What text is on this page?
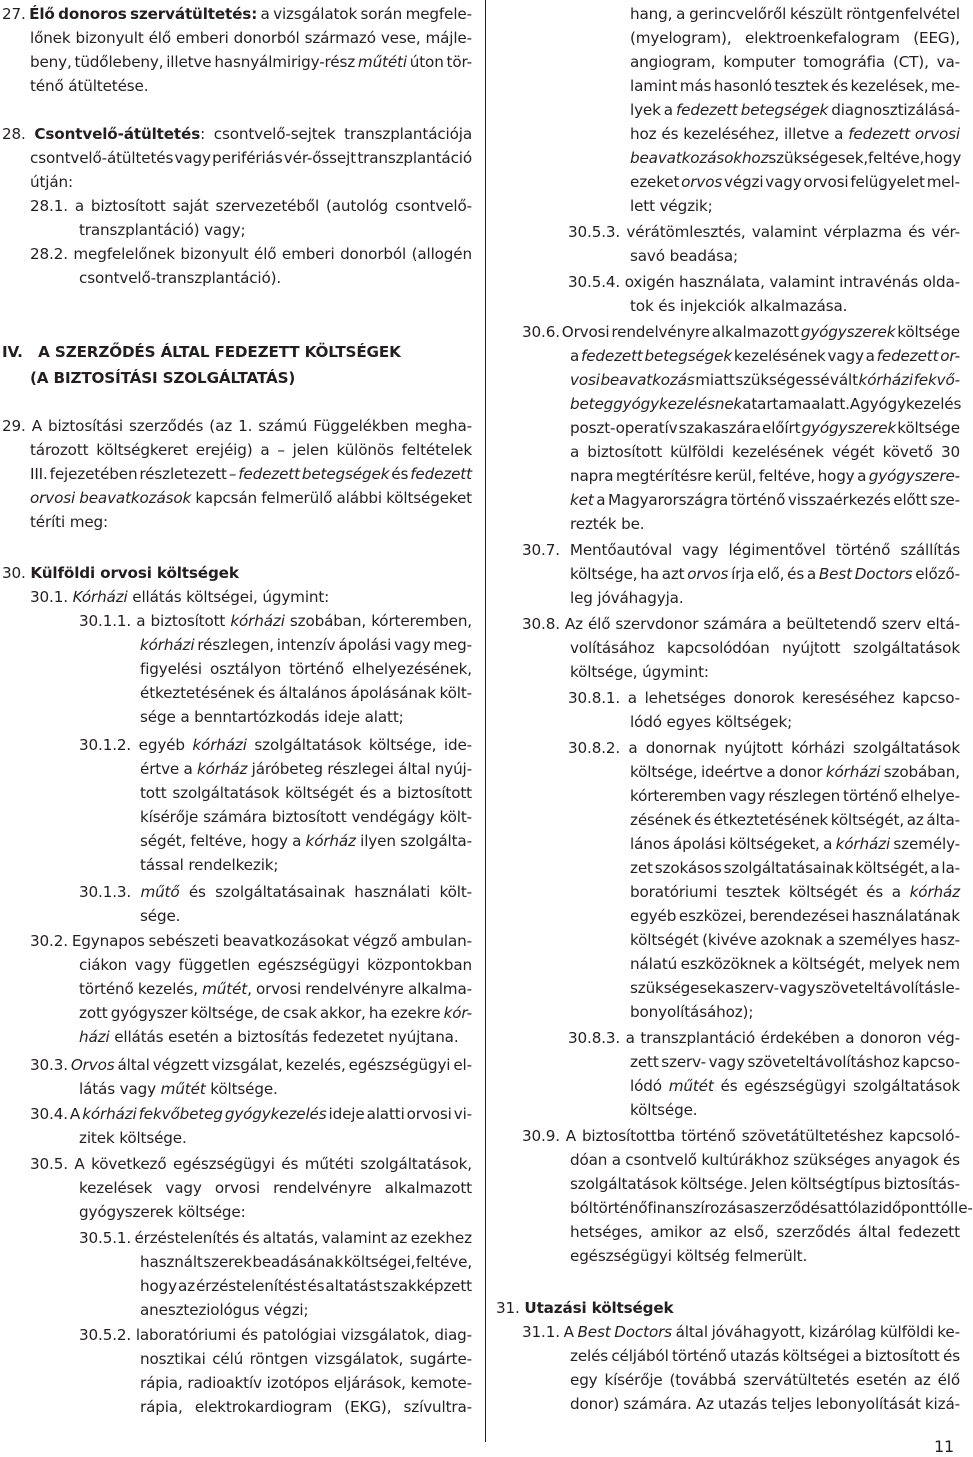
27. Élő donoros szervátültetés: a vizsgálatok során megfele-
lőnek bizonyult élő emberi donorból származó vese, májle-
beny, tüdőlebeny, illetve hasnyálmirigy-rész műtéti úton tör-
ténő átültetése.
28. Csontvelő-átültetés: csontvelő-sejtek transzplantációja
csontvelő-átültetés vagy perifériás vér-őssejt transzplantáció
útján:
28.1. a biztosított saját szervezetéből (autológ csontvelő-
transzplantáció) vagy;
28.2. megfelelőnek bizonyult élő emberi donorból (allogén
csontvelő-transzplantáció).
IV.   A SZERZŐDÉS ÁLTAL FEDEZETT KÖLTSÉGEK
(A BIZTOSÍTÁSI SZOLGÁLTATÁS)
29. A biztosítási szerződés (az 1. számú Függelékben megha-
tározott költségkeret erejéig) a – jelen különös feltételek
III. fejezetében részletezett – fedezett betegségek és fedezett
orvosi beavatkozások kapcsán felmerülő alábbi költségeket
téríti meg:
30. Külföldi orvosi költségek
30.1. Kórházi ellátás költségei, úgymint:
30.1.1. a biztosított kórházi szobában, kórteremben,
kórházi részlegen, intenzív ápolási vagy meg-
figyelési osztályon történő elhelyezésének,
étkeztetésének és általános ápolásának költ-
sége a benntartózkodás ideje alatt;
30.1.2. egyéb kórházi szolgáltatások költsége, ide-
értve a kórház járóbeteg részlegei által nyúj-
tott szolgáltatások költségét és a biztosított
kísérője számára biztosított vendégágy költ-
ségét, feltéve, hogy a kórház ilyen szolgálta-
tással rendelkezik;
30.1.3. műtő és szolgáltatásainak használati költ-
sége.
30.2. Egynapos sebészeti beavatkozásokat végző ambulan-
ciákon vagy független egészségügyi központokban
történő kezelés, műtét, orvosi rendelvényre alkalma-
zott gyógyszer költsége, de csak akkor, ha ezekre kór-
házi ellátás esetén a biztosítás fedezetet nyújtana.
30.3. Orvos által végzett vizsgálat, kezelés, egészségügyi el-
látás vagy műtét költsége.
30.4. A kórházi fekvőbeteg gyógykezelés ideje alatti orvosi vi-
zitek költsége.
30.5. A következő egészségügyi és műtéti szolgáltatások,
kezelések vagy orvosi rendelvényre alkalmazott
gyógyszerek költsége:
30.5.1. érzéstelenítés és altatás, valamint az ezekhez
használt szerek beadásának költségei, feltéve,
hogy az érzéstelenítést és altatást szakképzett
aneszteziológus végzi;
30.5.2. laboratóriumi és patológiai vizsgálatok, diag-
nosztikai célú röntgen vizsgálatok, sugárte-
rápia, radioaktív izotópos eljárások, kemote-
rápia, elektrokardiogram (EKG), szívultra-
hang, a gerincvelőről készült röntgenfelvétel
(myelogram), elektroenkefalogram (EEG),
angiogram, komputer tomográfia (CT), va-
lamint más hasonló tesztek és kezelések, me-
lyek a fedezett betegségek diagnosztizálásá-
hoz és kezeléséhez, illetve a fedezett orvosi
beavatkozásokhoz szükségesek, feltéve, hogy
ezeket orvos végzi vagy orvosi felügyelet mel-
lett végzik;
30.5.3. vérátömlesztés, valamint vérplazma és vér-
savó beadása;
30.5.4. oxigén használata, valamint intravénás olda-
tok és injekciók alkalmazása.
30.6. Orvosi rendelvényre alkalmazott gyógyszerek költsége
a fedezett betegségek kezelésének vagy a fedezett or-
vosi beavatkozás miatt szükségessé vált kórházi fekvő-
beteg gyógykezelésnek a tartama alatt. A gyógykezelés
poszt-operatív szakaszára előírt gyógyszerek költsége
a biztosított külföldi kezelésének végét követő 30
napra megtérítésre kerül, feltéve, hogy a gyógyszere-
ket a Magyarországra történő visszaérkezés előtt sze-
rezték be.
30.7. Mentőautóval vagy légimentővel történő szállítás
költsége, ha azt orvos írja elő, és a Best Doctors előző-
leg jóváhagyja.
30.8. Az élő szervdonor számára a beültetendő szerv eltá-
volításához kapcsolódóan nyújtott szolgáltatások
költsége, úgymint:
30.8.1. a lehetséges donorok kereséséhez kapcso-
lódó egyes költségek;
30.8.2. a donornak nyújtott kórházi szolgáltatások
költsége, ideértve a donor kórházi szobában,
kórteremben vagy részlegen történő elhelye-
zésének és étkeztetésének költségét, az álta-
lános ápolási költségeket, a kórházi személy-
zet szokásos szolgáltatásainak költségét, a la-
boratóriumi tesztek költségét és a kórház
egyéb eszközei, berendezései használatának
költségét (kivéve azoknak a személyes hasz-
nálatú eszközöknek a költségét, melyek nem
szükségesek a szerv- vagy szöveteltávolítás le-
bonyolításához);
30.8.3. a transzplantáció érdekében a donoron vég-
zett szerv- vagy szöveteltávolításhoz kapcso-
lódó műtét és egészségügyi szolgáltatások
költsége.
30.9. A biztosítottba történő szövetátültetéshez kapcsoló-
dóan a csontvelő kultúrákhoz szükséges anyagok és
szolgáltatások költsége. Jelen költségtípus biztosítás-
ból történő finanszírozása szerződés attól az időponttól le-
hetséges, amikor az első, szerződés által fedezett
egészségügyi költség felmerült.
31. Utazási költségek
31.1. A Best Doctors által jóváhagyott, kizárólag külföldi ke-
zelés céljából történő utazás költségei a biztosított és
egy kísérője (továbbá szervátültetés esetén az élő
donor) számára. Az utazás teljes lebonyolítását kizá-
11
